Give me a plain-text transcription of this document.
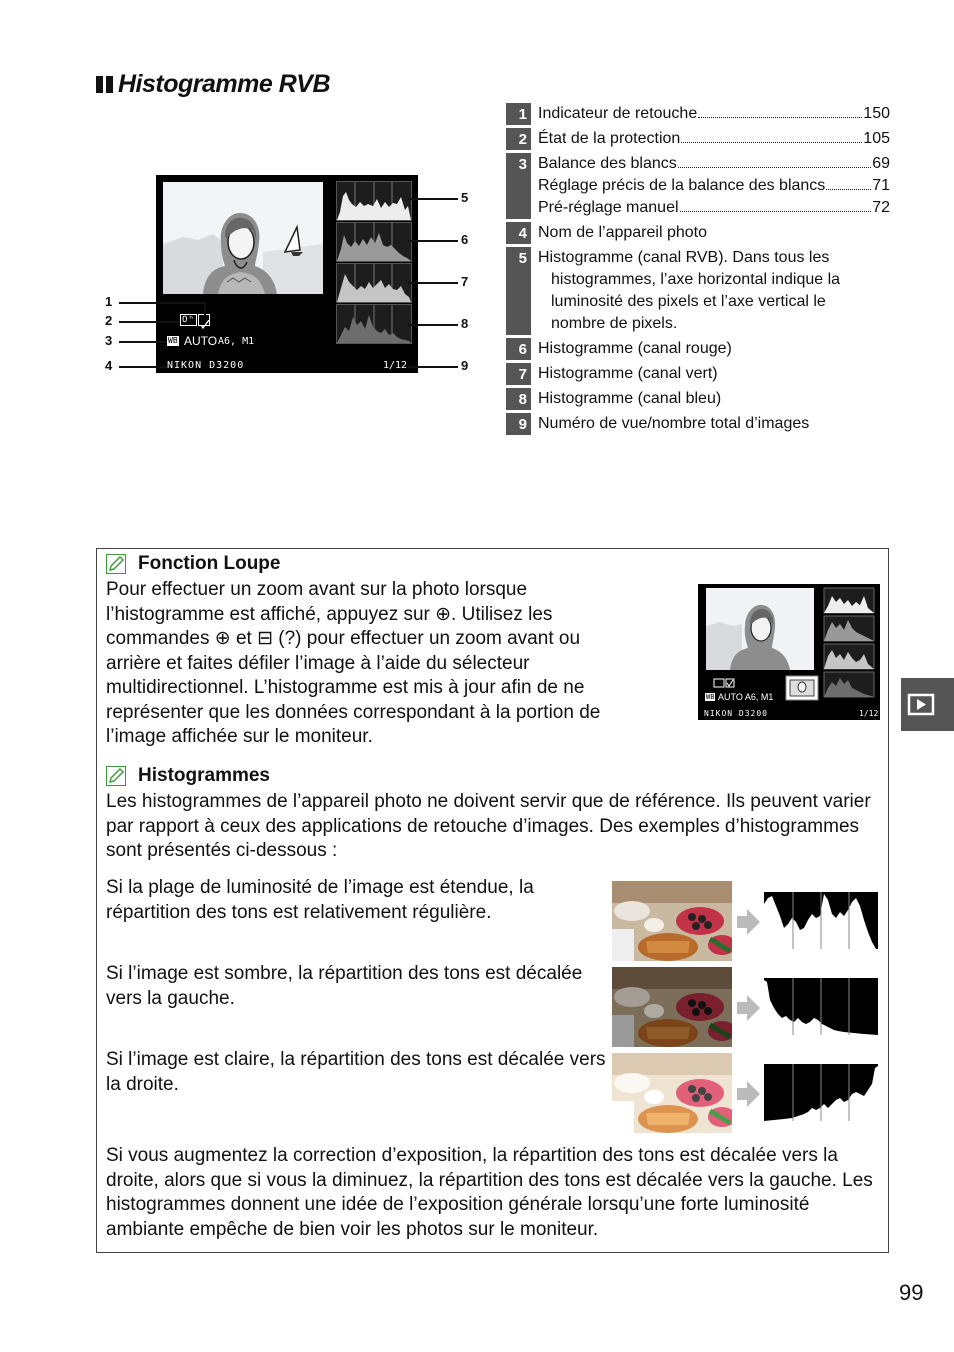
Histogramme RVB
Oⁿ
WB AUTO A6, M1
NIKON D3200	1/12
1
2
3
4
5
6
7
8
9
1 Indicateur de retouche	150
2 État de la protection	105
3 Balance des blancs	69
Réglage précis de la balance des blancs	71
Pré-réglage manuel	72
4 Nom de l’appareil photo
5 Histogramme (canal RVB). Dans tous les
histogrammes, l’axe horizontal indique la
luminosité des pixels et l’axe vertical le
nombre de pixels.
6 Histogramme (canal rouge)
7 Histogramme (canal vert)
8 Histogramme (canal bleu)
9 Numéro de vue/nombre total d’images
Fonction Loupe
Pour effectuer un zoom avant sur la photo lorsque
l’histogramme est affiché, appuyez sur ⊕. Utilisez les
commandes ⊕ et ⊟ (?) pour effectuer un zoom avant ou
arrière et faites défiler l’image à l’aide du sélecteur
multidirectionnel. L’histogramme est mis à jour afin de ne
représenter que les données correspondant à la portion de
l’image affichée sur le moniteur.
WB AUTO A6, M1
NIKON D3200	1/12
Histogrammes
Les histogrammes de l’appareil photo ne doivent servir que de référence. Ils peuvent varier
par rapport à ceux des applications de retouche d’images. Des exemples d’histogrammes
sont présentés ci-dessous :
Si la plage de luminosité de l’image est étendue, la
répartition des tons est relativement régulière.
Si l’image est sombre, la répartition des tons est décalée
vers la gauche.
Si l’image est claire, la répartition des tons est décalée vers
la droite.
Si vous augmentez la correction d’exposition, la répartition des tons est décalée vers la
droite, alors que si vous la diminuez, la répartition des tons est décalée vers la gauche. Les
histogrammes donnent une idée de l’exposition générale lorsqu’une forte luminosité
ambiante empêche de bien voir les photos sur le moniteur.
99
